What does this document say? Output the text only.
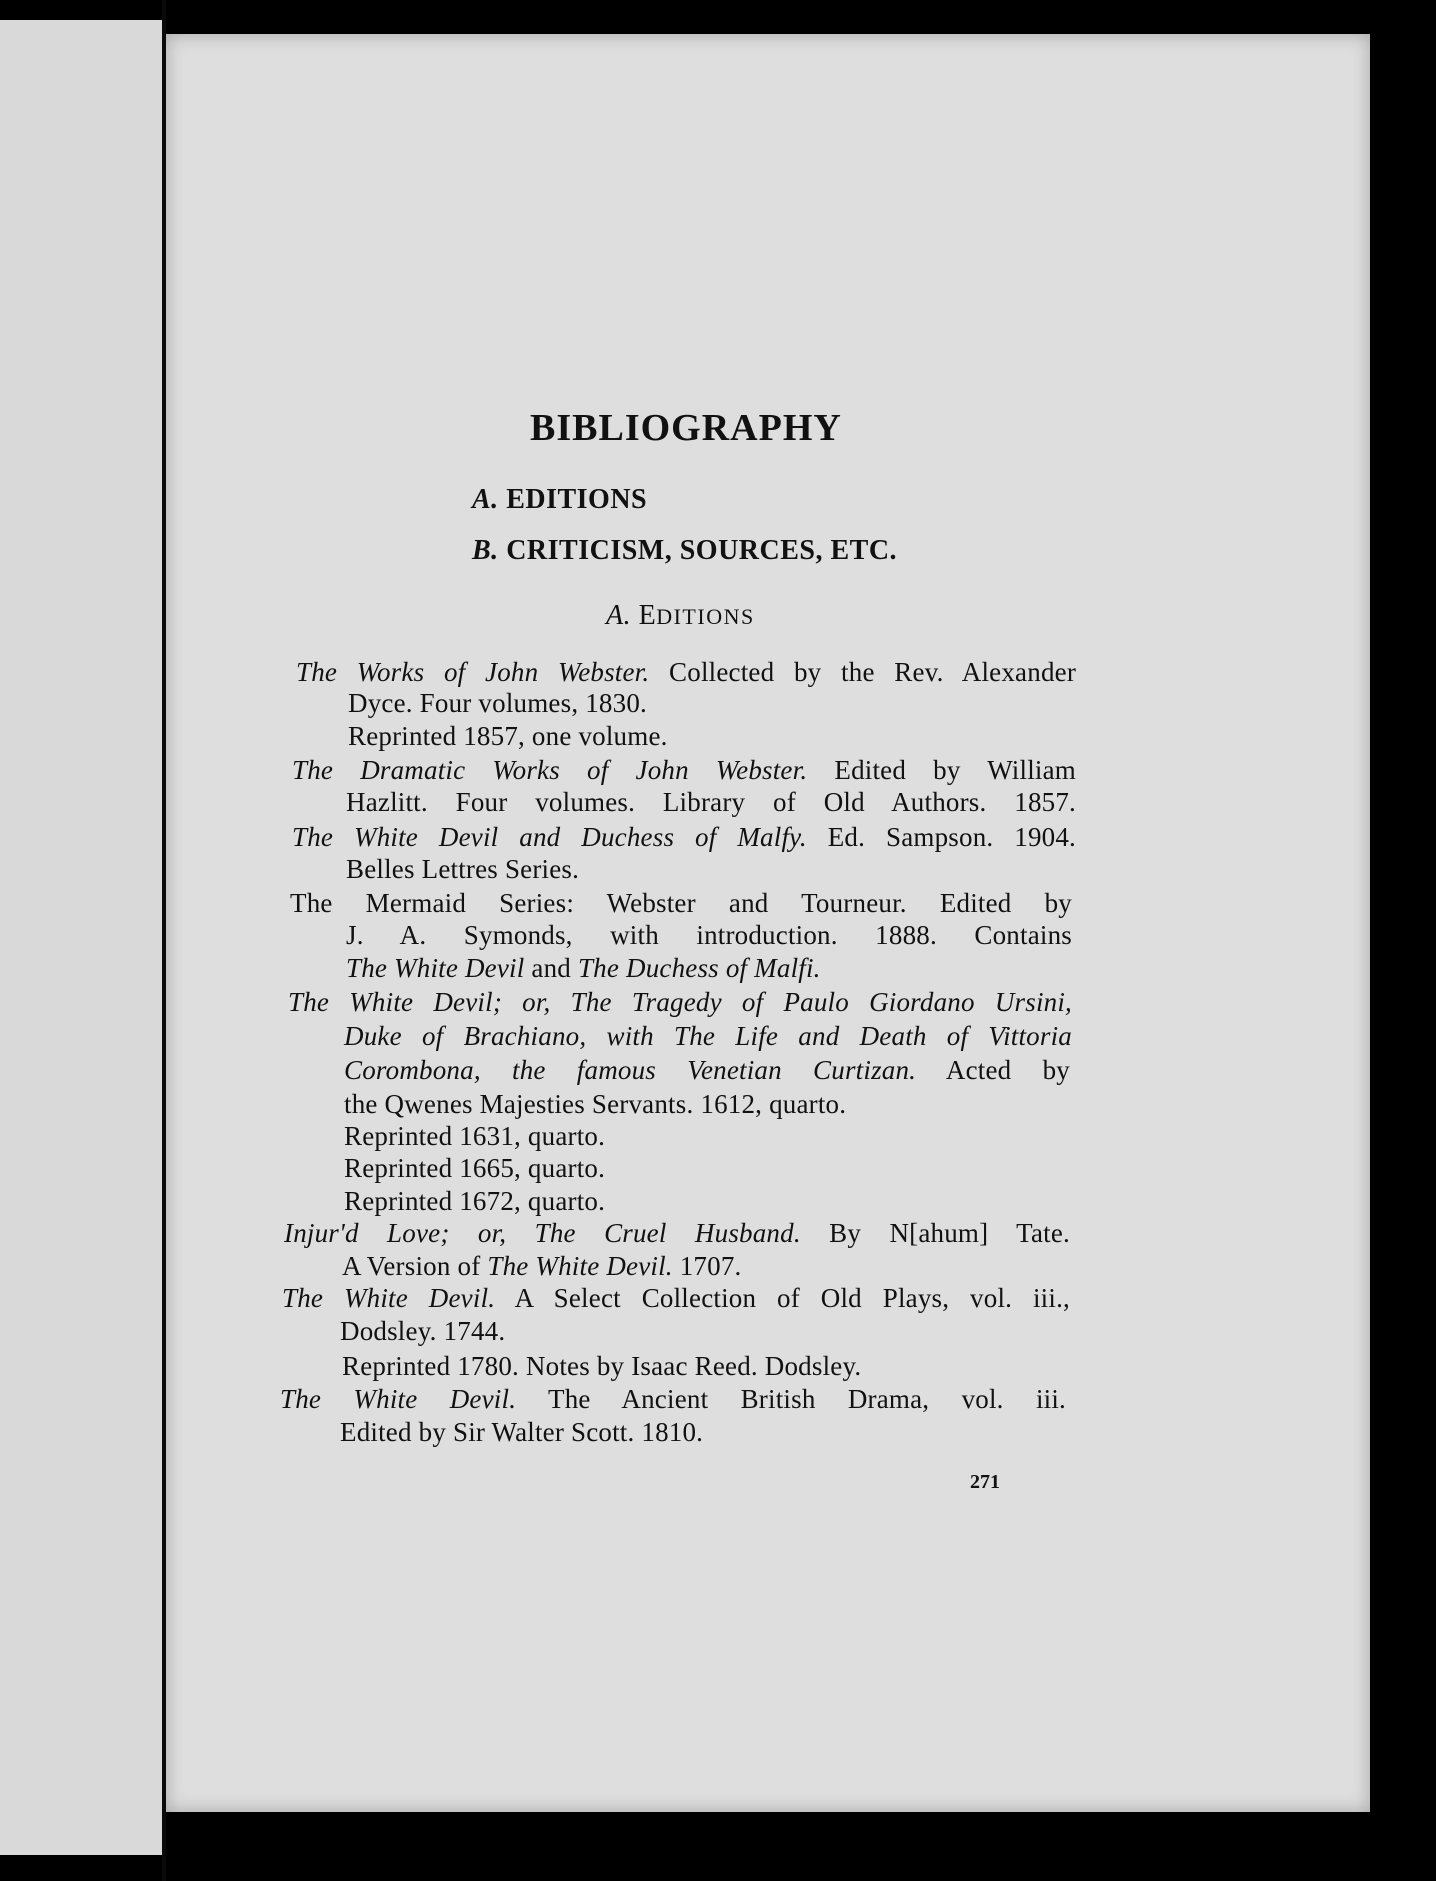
BIBLIOGRAPHY
A. EDITIONS
B. CRITICISM, SOURCES, ETC.
A. EDITIONS
The Works of John Webster. Collected by the Rev. Alexander
Dyce. Four volumes, 1830.
Reprinted 1857, one volume.
The Dramatic Works of John Webster. Edited by William
Hazlitt. Four volumes. Library of Old Authors. 1857.
The White Devil and Duchess of Malfy. Ed. Sampson. 1904.
Belles Lettres Series.
The Mermaid Series: Webster and Tourneur. Edited by
J. A. Symonds, with introduction. 1888. Contains
The White Devil and The Duchess of Malfi.
The White Devil; or, The Tragedy of Paulo Giordano Ursini,
Duke of Brachiano, with The Life and Death of Vittoria
Corombona, the famous Venetian Curtizan. Acted by
the Qwenes Majesties Servants. 1612, quarto.
Reprinted 1631, quarto.
Reprinted 1665, quarto.
Reprinted 1672, quarto.
Injur'd Love; or, The Cruel Husband. By N[ahum] Tate.
A Version of The White Devil. 1707.
The White Devil. A Select Collection of Old Plays, vol. iii.,
Dodsley. 1744.
Reprinted 1780. Notes by Isaac Reed. Dodsley.
The White Devil. The Ancient British Drama, vol. iii.
Edited by Sir Walter Scott. 1810.
271
